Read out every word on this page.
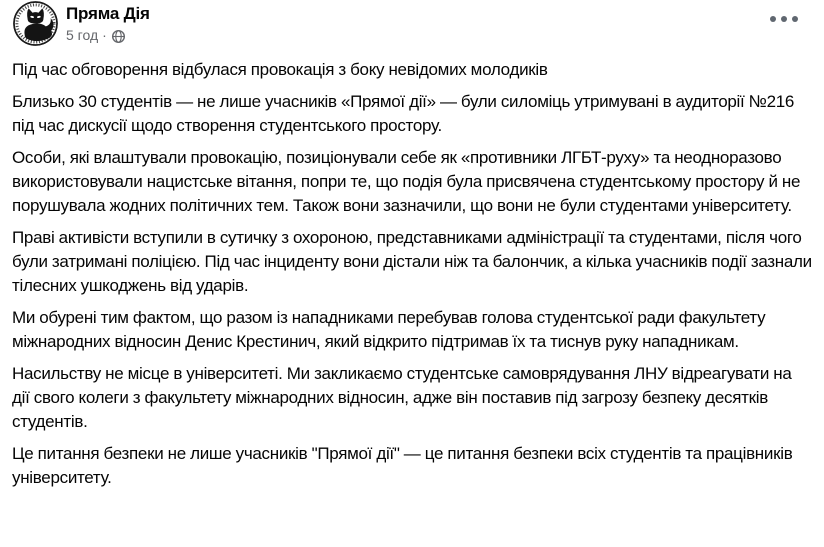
Пряма Дія
5 год ·

Під час обговорення відбулася провокація з боку невідомих молодиків

Близько 30 студентів — не лише учасників «Прямої дії» — були силоміць утримувані в аудиторії №216 під час дискусії щодо створення студентського простору.

Особи, які влаштували провокацію, позиціонували себе як «противники ЛГБТ-руху» та неодноразово використовували нацистське вітання, попри те, що подія була присвячена студентському простору й не порушувала жодних політичних тем. Також вони зазначили, що вони не були студентами університету.

Праві активісти вступили в сутичку з охороною, представниками адміністрації та студентами, після чого були затримані поліцією. Під час інциденту вони дістали ніж та балончик, а кілька учасників події зазнали тілесних ушкоджень від ударів.

Ми обурені тим фактом, що разом із нападниками перебував голова студентської ради факультету міжнародних відносин Денис Крестинич, який відкрито підтримав їх та тиснув руку нападникам.

Насильству не місце в університеті. Ми закликаємо студентське самоврядування ЛНУ відреагувати на дії свого колеги з факультету міжнародних відносин, адже він поставив під загрозу безпеку десятків студентів.

Це питання безпеки не лише учасників "Прямої дії" — це питання безпеки всіх студентів та працівників університету.
